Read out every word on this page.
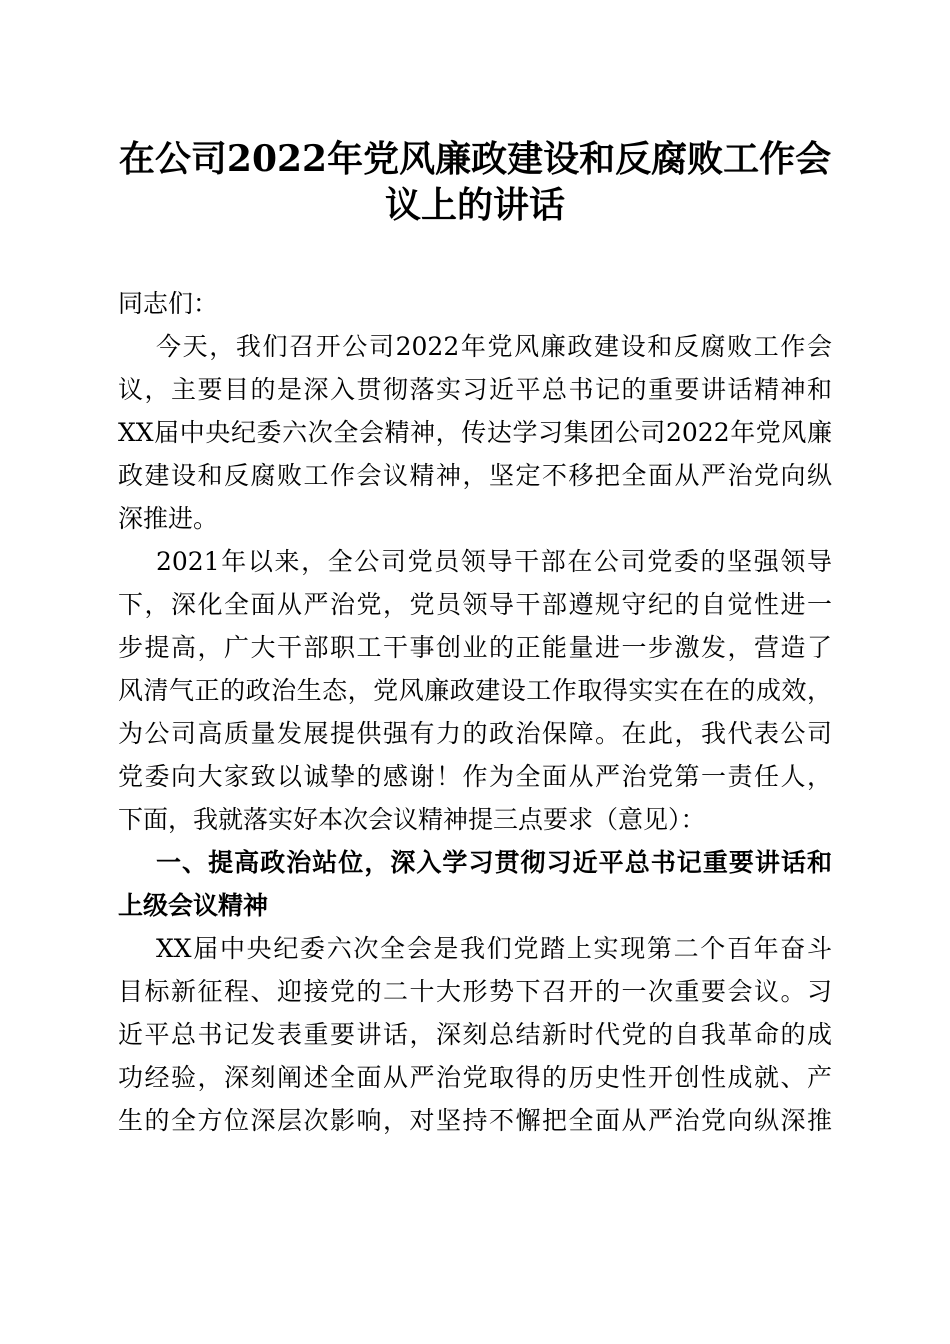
在公司2022年党风廉政建设和反腐败工作会
议上的讲话
同志们：
今天，我们召开公司2022年党风廉政建设和反腐败工作会
议，主要目的是深入贯彻落实习近平总书记的重要讲话精神和
XX届中央纪委六次全会精神，传达学习集团公司2022年党风廉
政建设和反腐败工作会议精神，坚定不移把全面从严治党向纵
深推进。
2021年以来，全公司党员领导干部在公司党委的坚强领导
下，深化全面从严治党，党员领导干部遵规守纪的自觉性进一
步提高，广大干部职工干事创业的正能量进一步激发，营造了
风清气正的政治生态，党风廉政建设工作取得实实在在的成效，
为公司高质量发展提供强有力的政治保障。在此，我代表公司
党委向大家致以诚挚的感谢！作为全面从严治党第一责任人，
下面，我就落实好本次会议精神提三点要求（意见）：
一、提高政治站位，深入学习贯彻习近平总书记重要讲话和
上级会议精神
XX届中央纪委六次全会是我们党踏上实现第二个百年奋斗
目标新征程、迎接党的二十大形势下召开的一次重要会议。习
近平总书记发表重要讲话，深刻总结新时代党的自我革命的成
功经验，深刻阐述全面从严治党取得的历史性开创性成就、产
生的全方位深层次影响，对坚持不懈把全面从严治党向纵深推
